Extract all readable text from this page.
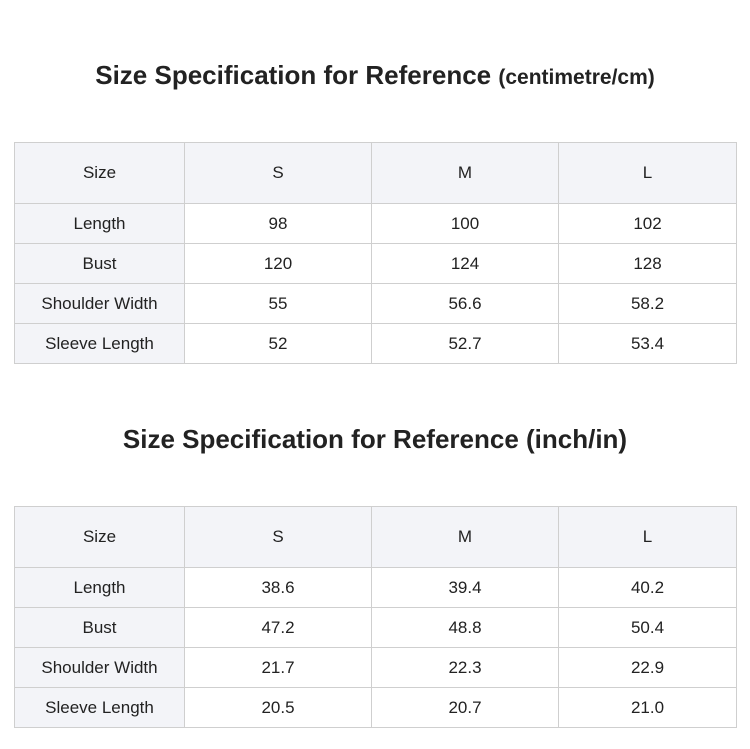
Size Specification for Reference (centimetre/cm)
Size	S	M	L
Length	98	100	102
Bust	120	124	128
Shoulder Width	55	56.6	58.2
Sleeve Length	52	52.7	53.4
Size Specification for Reference (inch/in)
Size	S	M	L
Length	38.6	39.4	40.2
Bust	47.2	48.8	50.4
Shoulder Width	21.7	22.3	22.9
Sleeve Length	20.5	20.7	21.0
